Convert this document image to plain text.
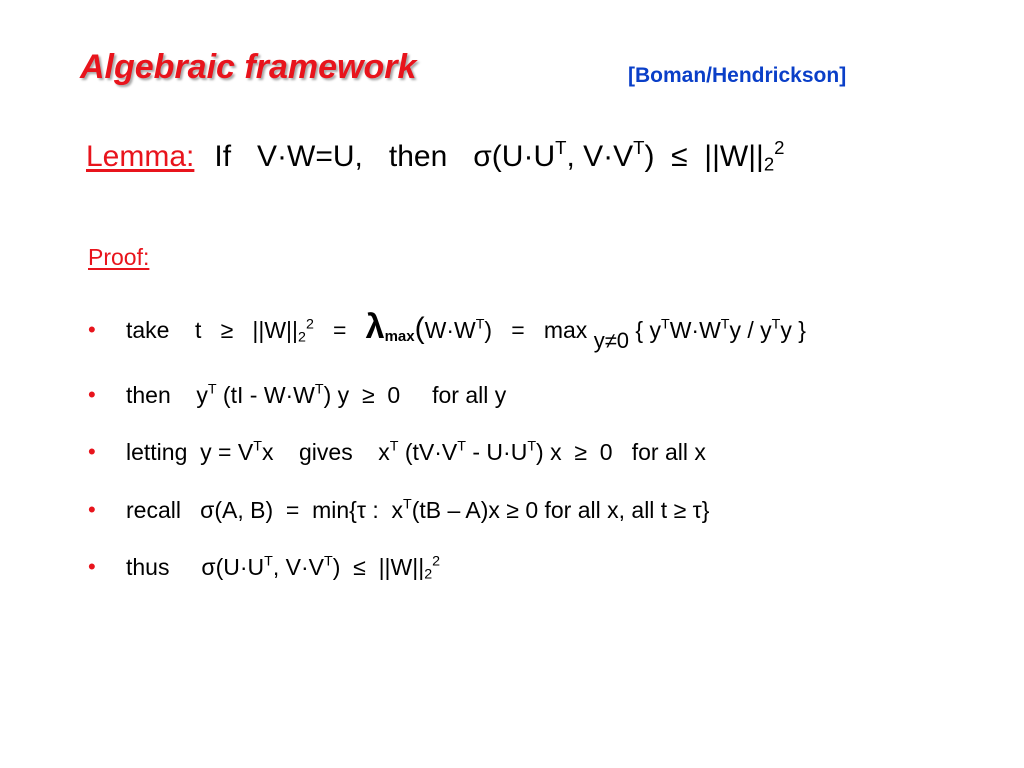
Algebraic framework	[Boman/Hendrickson]
Lemma: If V·W=U, then $\sigma(U\cdot U^T$, $V\cdot V^T) \le ||W||_2^2$
Proof:
• take    $t \ge ||W||_2^2 = \lambda\max(W\cdot W^T) = \max y\ne 0$ { $y^TW\cdot W^Ty / y^Ty$ }
• then    $y^T$ $(tI - W\cdot W^T)$ y  ≥  0     for all y
• letting  $y = V^Tx$    gives    $x^T$ $(tV\cdot V^T - U\cdot U^T) x \ge 0$   for all x
• recall   σ(A, B)  =  min{τ :  $x^T(tB - A)x \ge 0$ for all x, all t ≥ τ}
• thus     $\sigma(U\cdot U^T$, $V\cdot V^T) \le ||W||_2^2$
